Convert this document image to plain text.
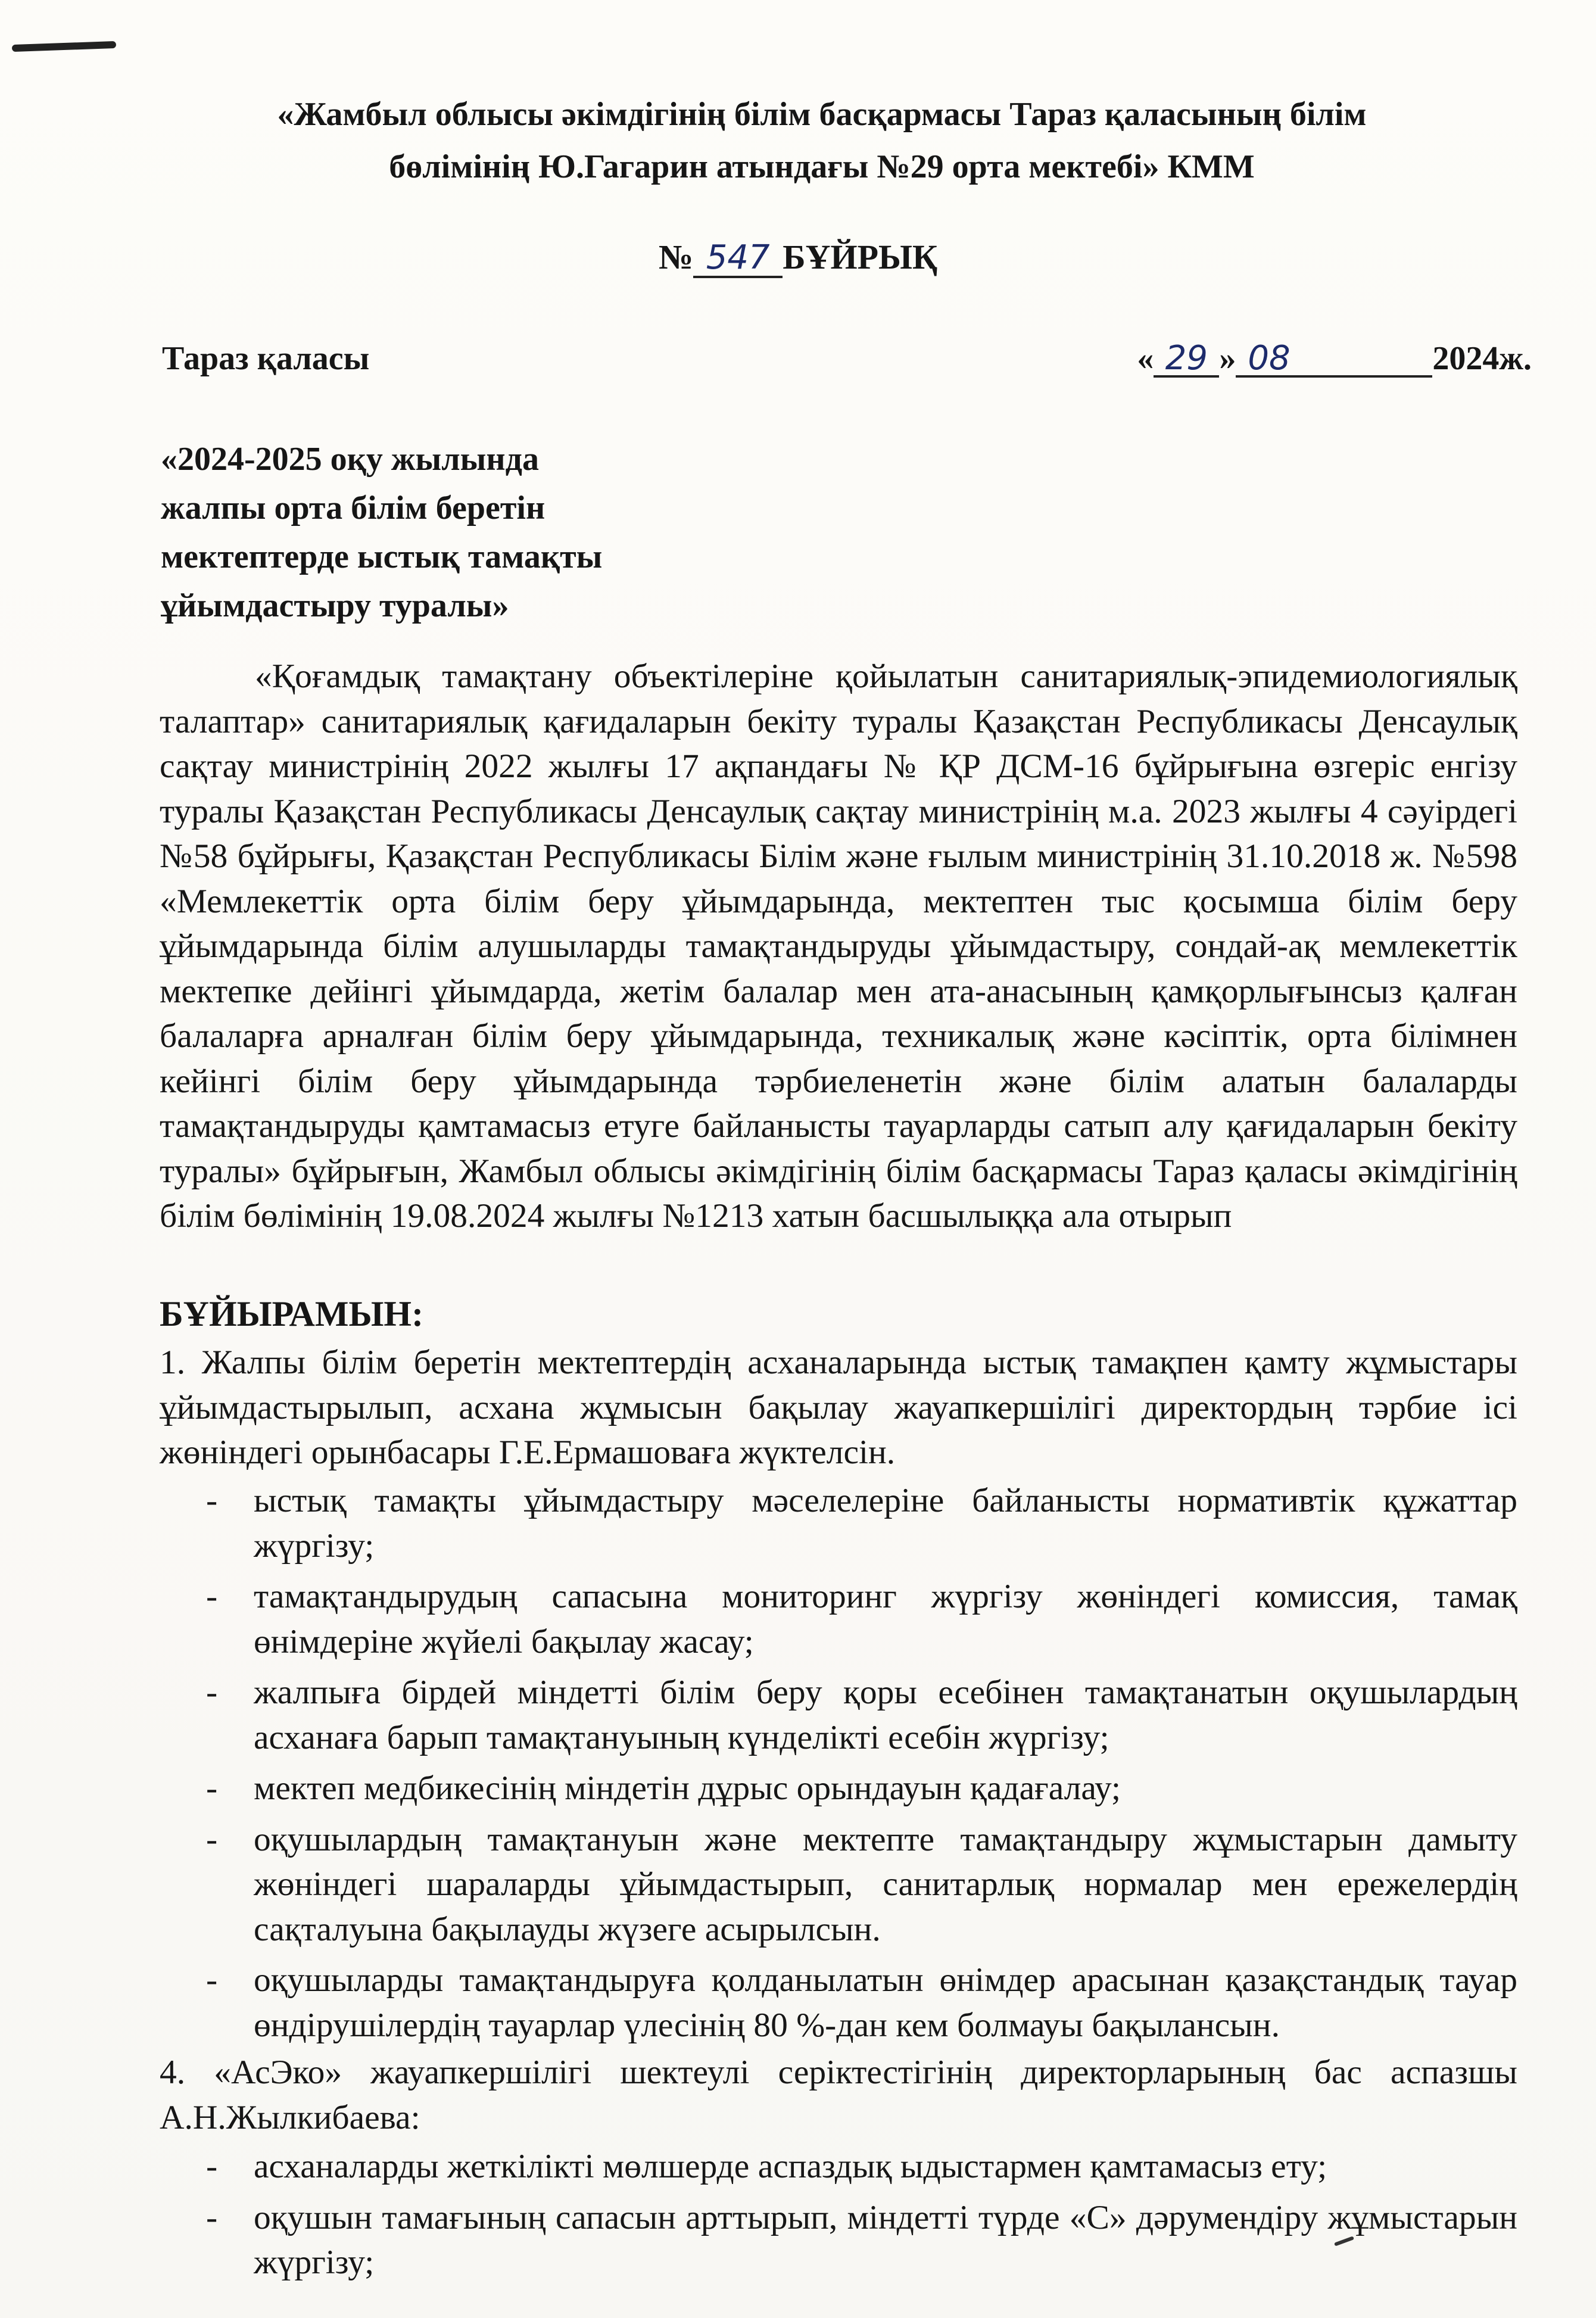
«Жамбыл облысы әкімдігінің білім басқармасы Тараз қаласының білім
бөлімінің Ю.Гагарин атындағы №29 орта мектебі» КММ
№ 547 БҰЙРЫҚ
Тараз қаласы	« 29 » 08	2024ж.
«2024-2025 оқу жылында
жалпы орта білім беретін
мектептерде ыстық тамақты
ұйымдастыру туралы»
«Қоғамдық тамақтану объектілеріне қойылатын санитариялық-эпидемиологиялық талаптар» санитариялық қағидаларын бекіту туралы Қазақстан Республикасы Денсаулық сақтау министрінің 2022 жылғы 17 ақпандағы № ҚР ДСМ-16 бұйрығына өзгеріс енгізу туралы Қазақстан Республикасы Денсаулық сақтау министрінің м.а. 2023 жылғы 4 сәуірдегі №58 бұйрығы, Қазақстан Республикасы Білім және ғылым министрінің 31.10.2018 ж. №598 «Мемлекеттік орта білім беру ұйымдарында, мектептен тыс қосымша білім беру ұйымдарында білім алушыларды тамақтандыруды ұйымдастыру, сондай-ақ мемлекеттік мектепке дейінгі ұйымдарда, жетім балалар мен ата-анасының қамқорлығынсыз қалған балаларға арналған білім беру ұйымдарында, техникалық және кәсіптік, орта білімнен кейінгі білім беру ұйымдарында тәрбиеленетін және білім алатын балаларды тамақтандыруды қамтамасыз етуге байланысты тауарларды сатып алу қағидаларын бекіту туралы» бұйрығын, Жамбыл облысы әкімдігінің білім басқармасы Тараз қаласы әкімдігінің білім бөлімінің 19.08.2024 жылғы №1213 хатын басшылыққа ала отырып
БҰЙЫРАМЫН:
1. Жалпы білім беретін мектептердің асханаларында ыстық тамақпен қамту жұмыстары ұйымдастырылып, асхана жұмысын бақылау жауапкершілігі директордың тәрбие ісі жөніндегі орынбасары Г.Е.Ермашоваға жүктелсін.
- ыстық тамақты ұйымдастыру мәселелеріне байланысты нормативтік құжаттар жүргізу;
- тамақтандырудың сапасына мониторинг жүргізу жөніндегі комиссия, тамақ өнімдеріне жүйелі бақылау жасау;
- жалпыға бірдей міндетті білім беру қоры есебінен тамақтанатын оқушылардың асханаға барып тамақтануының күнделікті есебін жүргізу;
- мектеп медбикесінің міндетін дұрыс орындауын қадағалау;
- оқушылардың тамақтануын және мектепте тамақтандыру жұмыстарын дамыту жөніндегі шараларды ұйымдастырып, санитарлық нормалар мен ережелердің сақталуына бақылауды жүзеге асырылсын.
- оқушыларды тамақтандыруға қолданылатын өнімдер арасынан қазақстандық тауар өндірушілердің тауарлар үлесінің 80 %-дан кем болмауы бақылансын.
4. «АсЭко» жауапкершілігі шектеулі серіктестігінің директорларының бас аспазшы А.Н.Жылкибаева:
- асханаларды жеткілікті мөлшерде аспаздық ыдыстармен қамтамасыз ету;
- оқушын тамағының сапасын арттырып, міндетті түрде «С» дәрумендіру жұмыстарын жүргізу;
